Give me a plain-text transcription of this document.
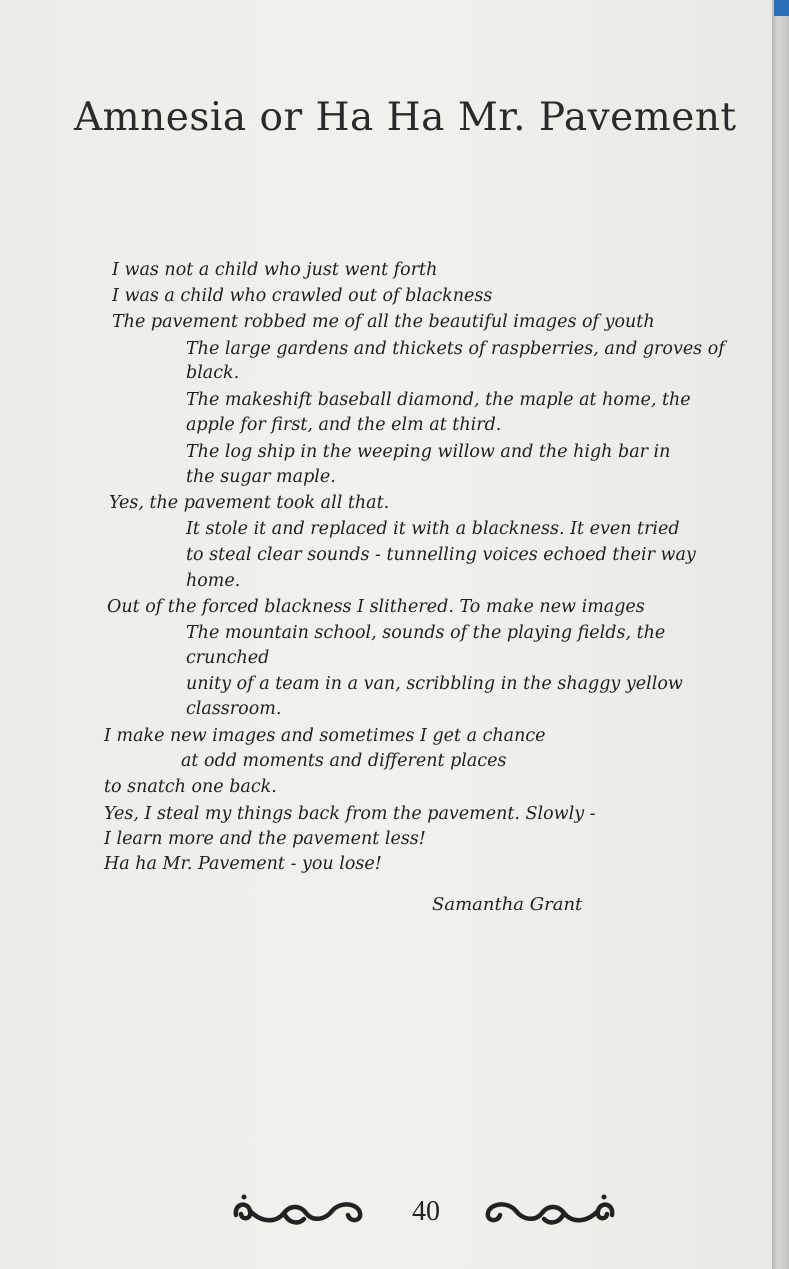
Amnesia or Ha Ha Mr. Pavement
I was not a child who just went forth
I was a child who crawled out of blackness
The pavement robbed me of all the beautiful images of youth
The large gardens and thickets of raspberries, and groves of
black.
The makeshift baseball diamond, the maple at home, the
apple for first, and the elm at third.
The log ship in the weeping willow and the high bar in
the sugar maple.
Yes, the pavement took all that.
It stole it and replaced it with a blackness. It even tried
to steal clear sounds - tunnelling voices echoed their way
home.
Out of the forced blackness I slithered. To make new images
The mountain school, sounds of the playing fields, the
crunched
unity of a team in a van, scribbling in the shaggy yellow
classroom.
I make new images and sometimes I get a chance
at odd moments and different places
to snatch one back.
Yes, I steal my things back from the pavement. Slowly -
I learn more and the pavement less!
Ha ha Mr. Pavement - you lose!
Samantha Grant
40
